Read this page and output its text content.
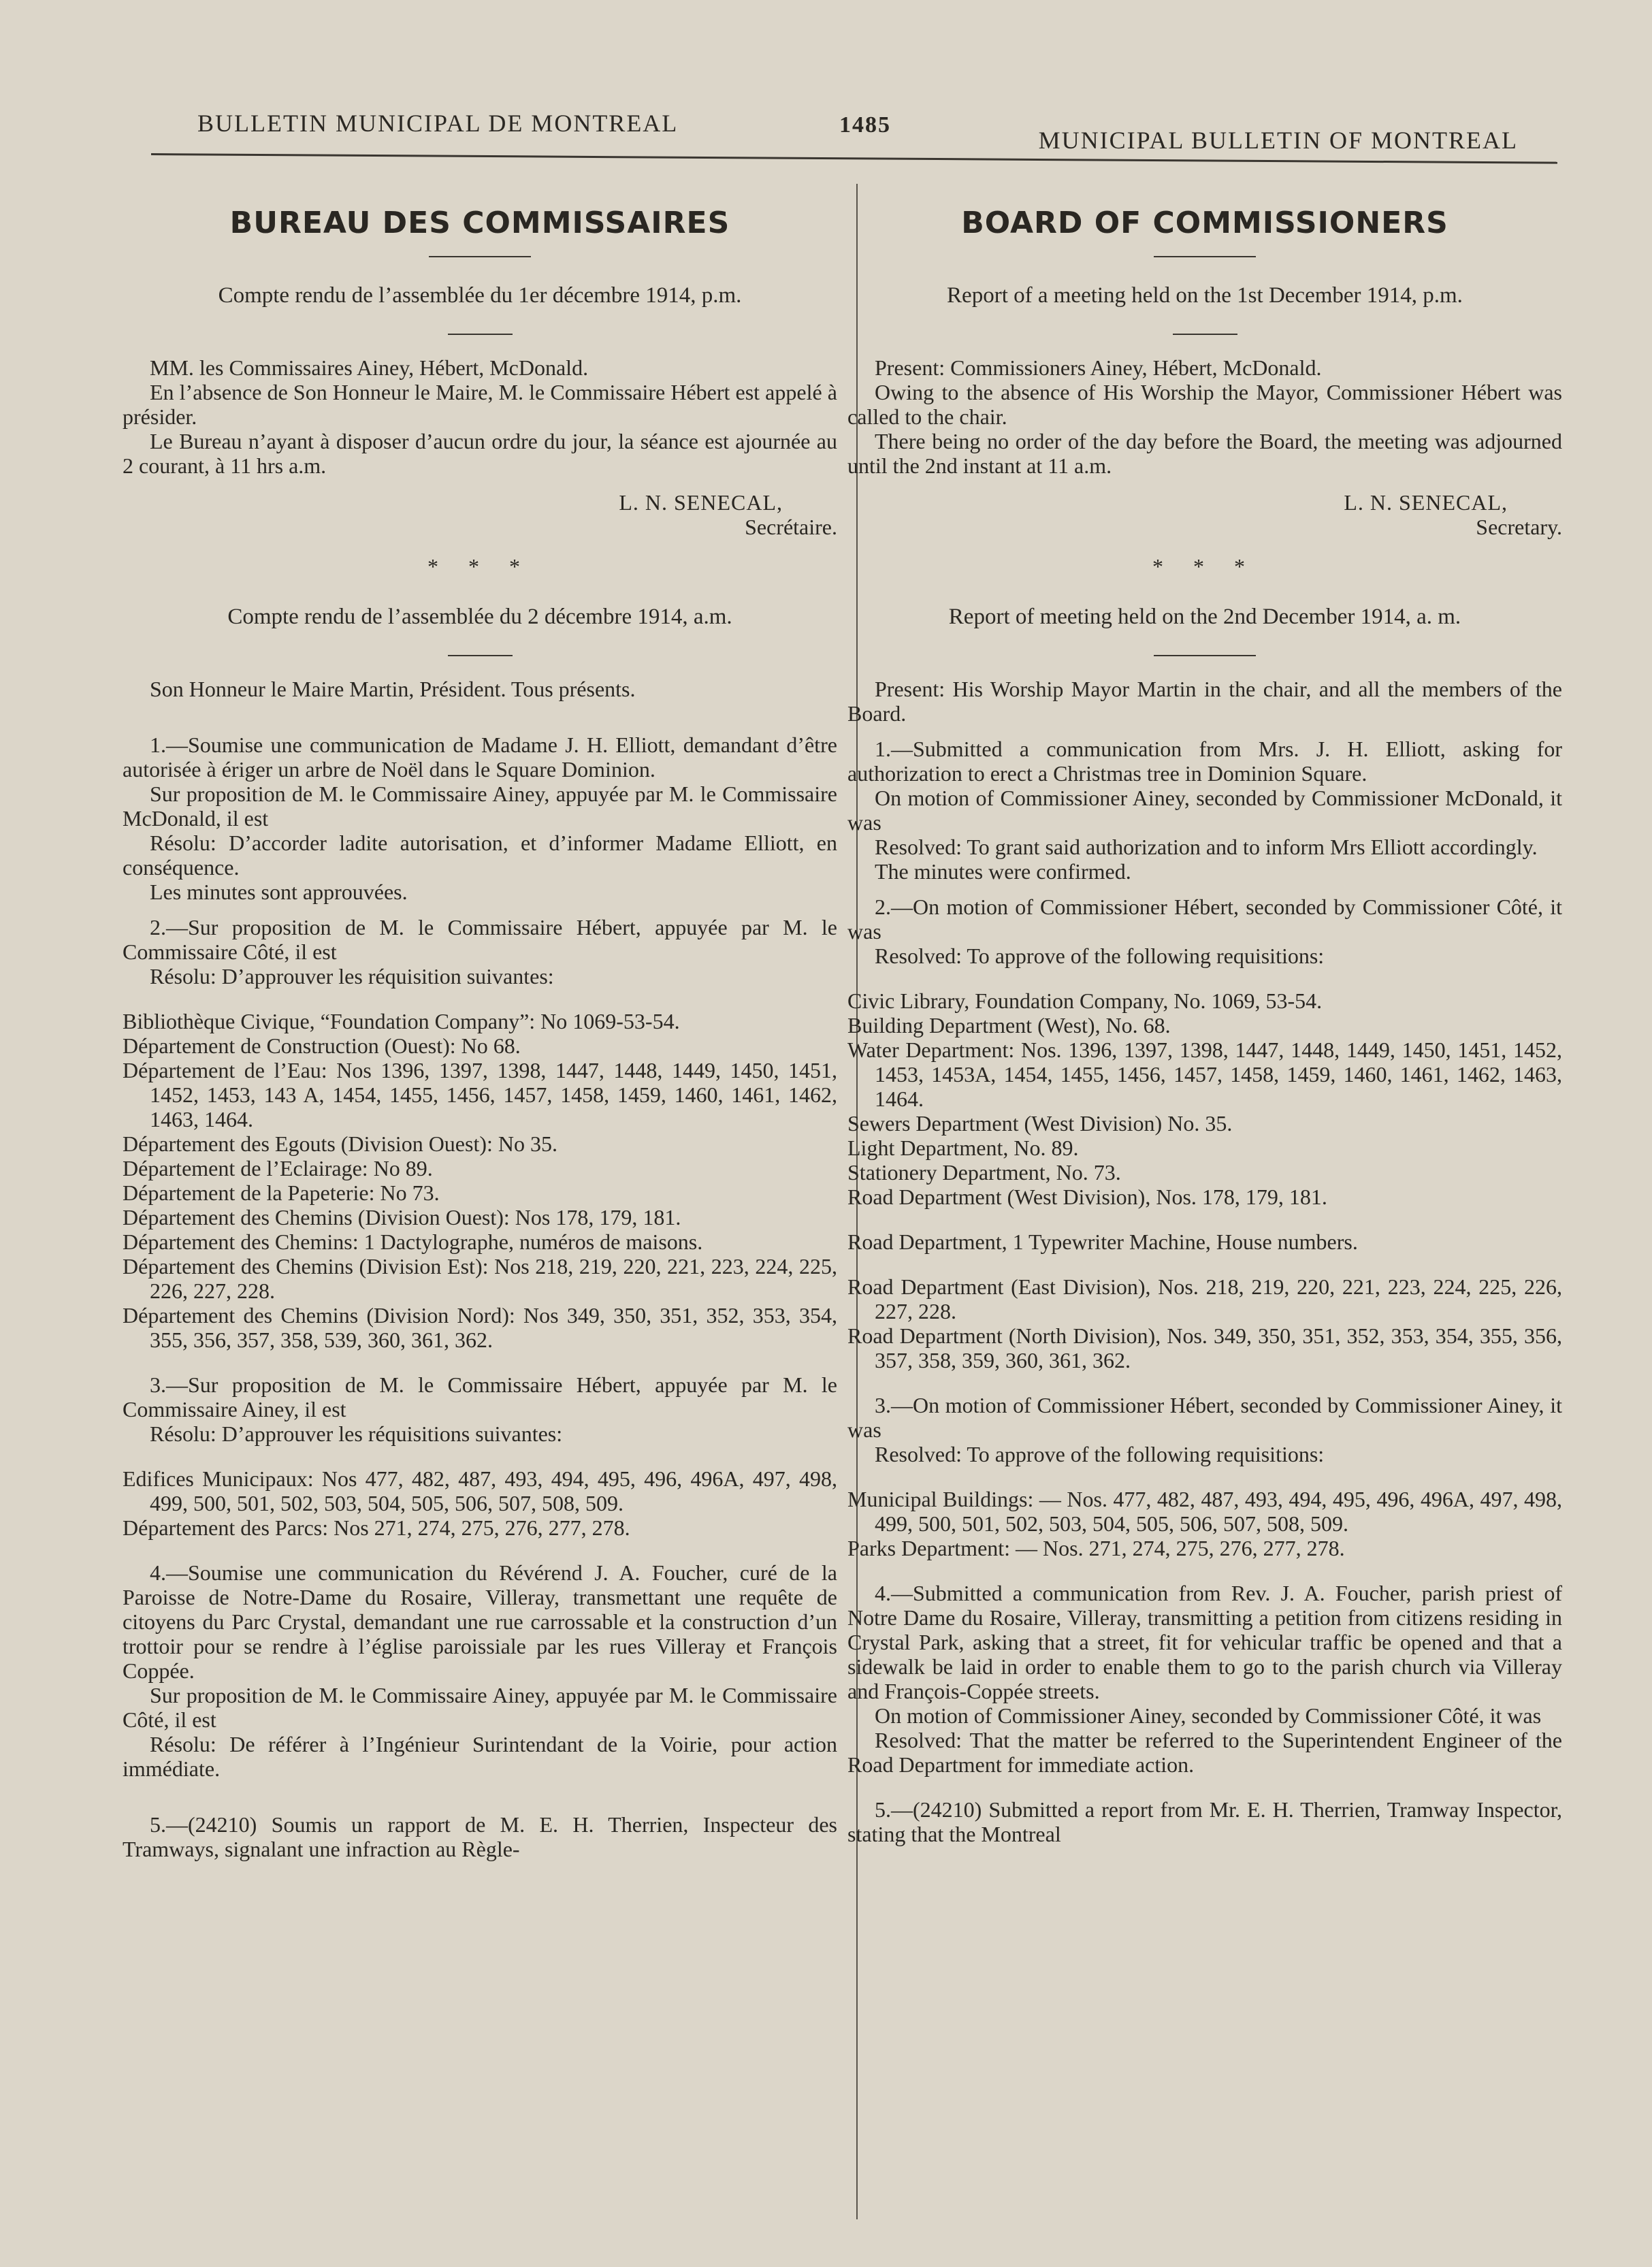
BULLETIN MUNICIPAL DE MONTREAL	1485
MUNICIPAL BULLETIN OF MONTREAL
BUREAU DES COMMISSAIRES
Compte rendu de l’assemblée du 1er décembre 1914, p.m.

MM. les Commissaires Ainey, Hébert, McDonald.

En l’absence de Son Honneur le Maire, M. le Commissaire Hébert est appelé à présider.

Le Bureau n’ayant à disposer d’aucun ordre du jour, la séance est ajournée au 2 courant, à 11 hrs a.m.

L. N. SENECAL,
Secrétaire.
* * *
Compte rendu de l’assemblée du 2 décembre 1914, a.m.

Son Honneur le Maire Martin, Président. Tous présents.

1.—Soumise une communication de Madame J. H. Elliott, demandant d’être autorisée à ériger un arbre de Noël dans le Square Dominion.

Sur proposition de M. le Commissaire Ainey, appuyée par M. le Commissaire McDonald, il est

Résolu: D’accorder ladite autorisation, et d’informer Madame Elliott, en conséquence.

Les minutes sont approuvées.

2.—Sur proposition de M. le Commissaire Hébert, appuyée par M. le Commissaire Côté, il est

Résolu: D’approuver les réquisition suivantes:

Bibliothèque Civique, “Foundation Company”: No 1069-53-54.

Département de Construction (Ouest): No 68.

Département de l’Eau: Nos 1396, 1397, 1398, 1447, 1448, 1449, 1450, 1451, 1452, 1453, 143 A, 1454, 1455, 1456, 1457, 1458, 1459, 1460, 1461, 1462, 1463, 1464.

Département des Egouts (Division Ouest): No 35.

Département de l’Eclairage: No 89.

Département de la Papeterie: No 73.

Département des Chemins (Division Ouest): Nos 178, 179, 181.

Département des Chemins: 1 Dactylographe, numéros de maisons.

Département des Chemins (Division Est): Nos 218, 219, 220, 221, 223, 224, 225, 226, 227, 228.

Département des Chemins (Division Nord): Nos 349, 350, 351, 352, 353, 354, 355, 356, 357, 358, 539, 360, 361, 362.

3.—Sur proposition de M. le Commissaire Hébert, appuyée par M. le Commissaire Ainey, il est

Résolu: D’approuver les réquisitions suivantes:

Edifices Municipaux: Nos 477, 482, 487, 493, 494, 495, 496, 496A, 497, 498, 499, 500, 501, 502, 503, 504, 505, 506, 507, 508, 509.

Département des Parcs: Nos 271, 274, 275, 276, 277, 278.

4.—Soumise une communication du Révérend J. A. Foucher, curé de la Paroisse de Notre-Dame du Rosaire, Villeray, transmettant une requête de citoyens du Parc Crystal, demandant une rue carrossable et la construction d’un trottoir pour se rendre à l’église paroissiale par les rues Villeray et François Coppée.

Sur proposition de M. le Commissaire Ainey, appuyée par M. le Commissaire Côté, il est

Résolu: De référer à l’Ingénieur Surintendant de la Voirie, pour action immédiate.

5.—(24210) Soumis un rapport de M. E. H. Therrien, Inspecteur des Tramways, signalant une infraction au Règle-

BOARD OF COMMISSIONERS
Report of a meeting held on the 1st December 1914, p.m.

Present: Commissioners Ainey, Hébert, McDonald.

Owing to the absence of His Worship the Mayor, Commissioner Hébert was called to the chair.

There being no order of the day before the Board, the meeting was adjourned until the 2nd instant at 11 a.m.

L. N. SENECAL,
Secretary.
* * *
Report of meeting held on the 2nd December 1914, a. m.

Present: His Worship Mayor Martin in the chair, and all the members of the Board.

1.—Submitted a communication from Mrs. J. H. Elliott, asking for authorization to erect a Christmas tree in Dominion Square.

On motion of Commissioner Ainey, seconded by Commissioner McDonald, it was

Resolved: To grant said authorization and to inform Mrs Elliott accordingly.

The minutes were confirmed.

2.—On motion of Commissioner Hébert, seconded by Commissioner Côté, it was

Resolved: To approve of the following requisitions:

Civic Library, Foundation Company, No. 1069, 53-54.

Building Department (West), No. 68.

Water Department: Nos. 1396, 1397, 1398, 1447, 1448, 1449, 1450, 1451, 1452, 1453, 1453A, 1454, 1455, 1456, 1457, 1458, 1459, 1460, 1461, 1462, 1463, 1464.

Sewers Department (West Division) No. 35.

Light Department, No. 89.

Stationery Department, No. 73.

Road Department (West Division), Nos. 178, 179, 181.

Road Department, 1 Typewriter Machine, House numbers.

Road Department (East Division), Nos. 218, 219, 220, 221, 223, 224, 225, 226, 227, 228.

Road Department (North Division), Nos. 349, 350, 351, 352, 353, 354, 355, 356, 357, 358, 359, 360, 361, 362.

3.—On motion of Commissioner Hébert, seconded by Commissioner Ainey, it was

Resolved: To approve of the following requisitions:

Municipal Buildings: — Nos. 477, 482, 487, 493, 494, 495, 496, 496A, 497, 498, 499, 500, 501, 502, 503, 504, 505, 506, 507, 508, 509.

Parks Department: — Nos. 271, 274, 275, 276, 277, 278.

4.—Submitted a communication from Rev. J. A. Foucher, parish priest of Notre Dame du Rosaire, Villeray, transmitting a petition from citizens residing in Crystal Park, asking that a street, fit for vehicular traffic be opened and that a sidewalk be laid in order to enable them to go to the parish church via Villeray and François-Coppée streets.

On motion of Commissioner Ainey, seconded by Commissioner Côté, it was

Resolved: That the matter be referred to the Superintendent Engineer of the Road Department for immediate action.

5.—(24210) Submitted a report from Mr. E. H. Therrien, Tramway Inspector, stating that the Montreal
